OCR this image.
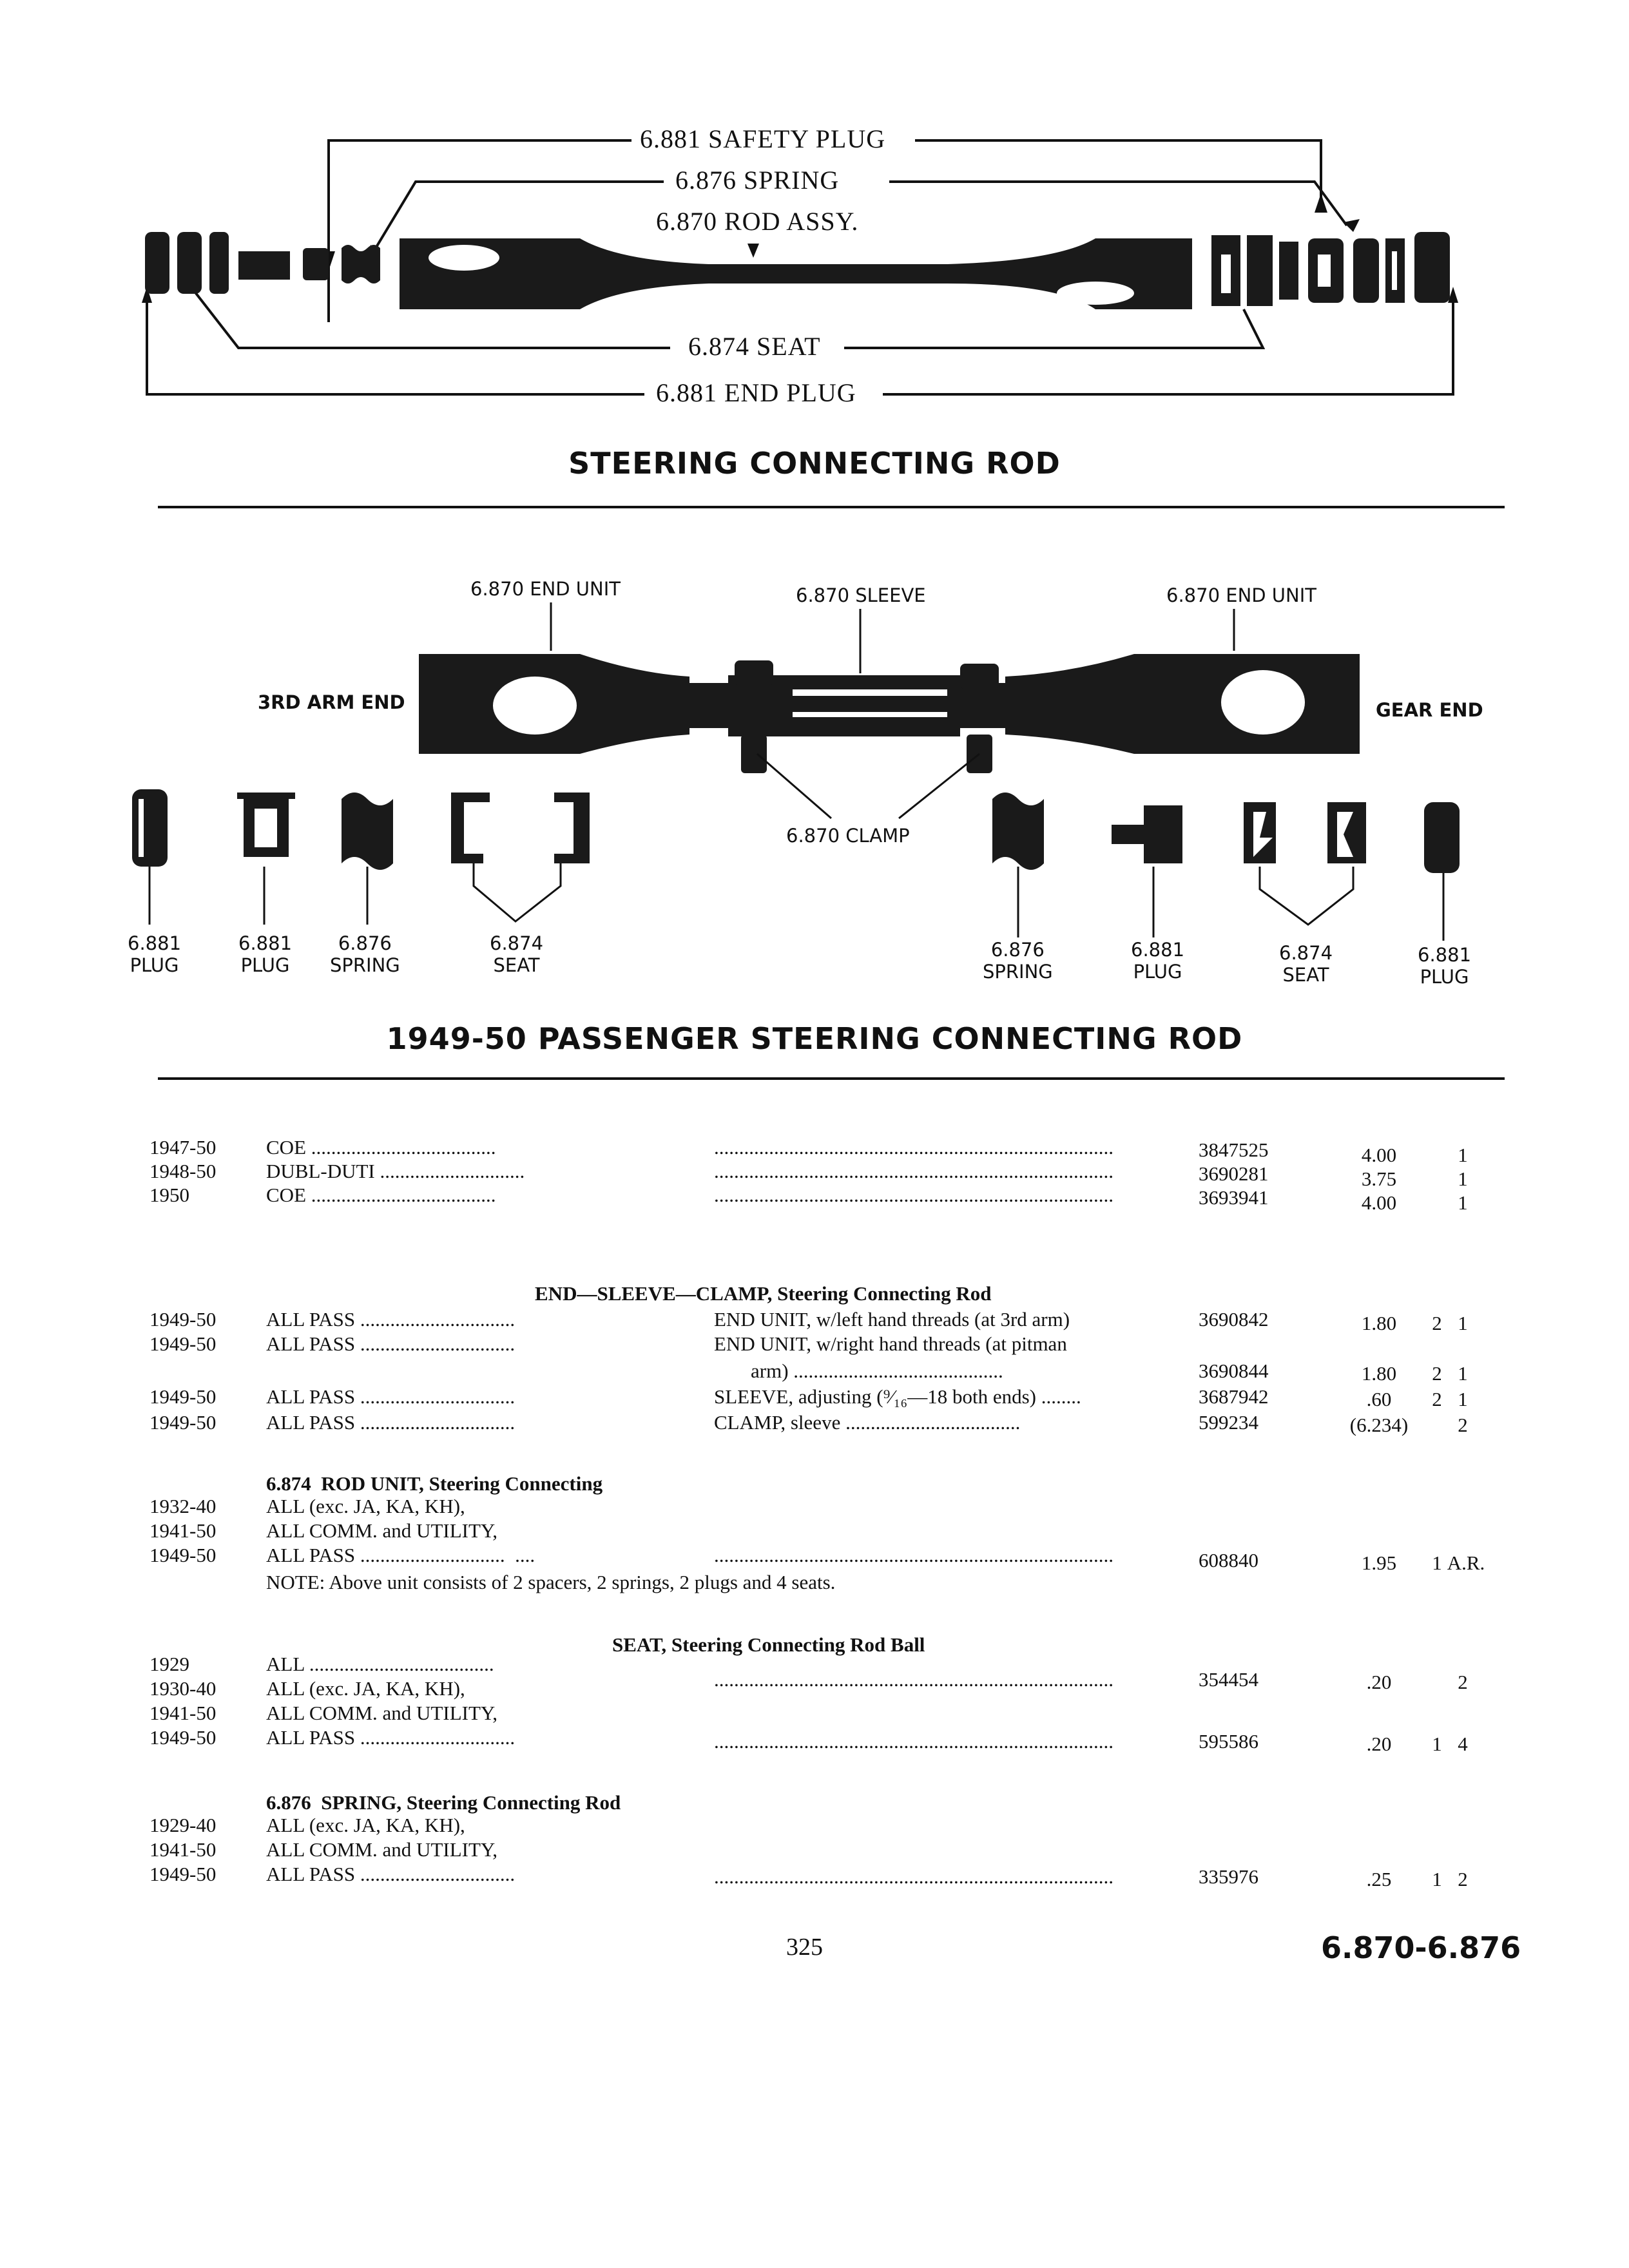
6.881 SAFETY PLUG
6.876 SPRING
6.870 ROD ASSY.
6.874 SEAT
6.881 END PLUG
STEERING CONNECTING ROD
6.870 END UNIT	6.870 SLEEVE	6.870 END UNIT
3RD ARM END	GEAR END
6.870 CLAMP
6.881
PLUG
6.881
PLUG
6.876
SPRING
6.874
SEAT
6.876
SPRING
6.881
PLUG
6.874
SEAT
6.881
PLUG
1949-50 PASSENGER STEERING CONNECTING ROD
1947-50	COE .....................................	................................................................................	3847525	4.00	1
1948-50	DUBL-DUTI .............................	................................................................................	3690281	3.75	1
1950	COE .....................................	................................................................................	3693941	4.00	1
END—SLEEVE—CLAMP, Steering Connecting Rod
1949-50	ALL PASS ...............................	END UNIT, w/left hand threads (at 3rd arm)	3690842	1.80	2 1
1949-50	ALL PASS ...............................	END UNIT, w/right hand threads (at pitman
arm) ..........................................	3690844	1.80	2 1
1949-50	ALL PASS ...............................	SLEEVE, adjusting (⁹⁄₁₆—18 both ends) ........	3687942	.60	2 1
1949-50	ALL PASS ...............................	CLAMP, sleeve ...................................	599234	(6.234)	2
6.874  ROD UNIT, Steering Connecting
1932-40	ALL (exc. JA, KA, KH),
1941-50	ALL COMM. and UTILITY,
1949-50	ALL PASS .............................  ....	................................................................................	608840	1.95	1 A.R.
NOTE: Above unit consists of 2 spacers, 2 springs, 2 plugs and 4 seats.
SEAT, Steering Connecting Rod Ball
1929	ALL .....................................
1930-40	ALL (exc. JA, KA, KH),	................................................................................	354454	.20	2
1941-50	ALL COMM. and UTILITY,
1949-50	ALL PASS ...............................	................................................................................	595586	.20	1 4
6.876  SPRING, Steering Connecting Rod
1929-40	ALL (exc. JA, KA, KH),
1941-50	ALL COMM. and UTILITY,
1949-50	ALL PASS ...............................	................................................................................	335976	.25	1 2
325	6.870-6.876
